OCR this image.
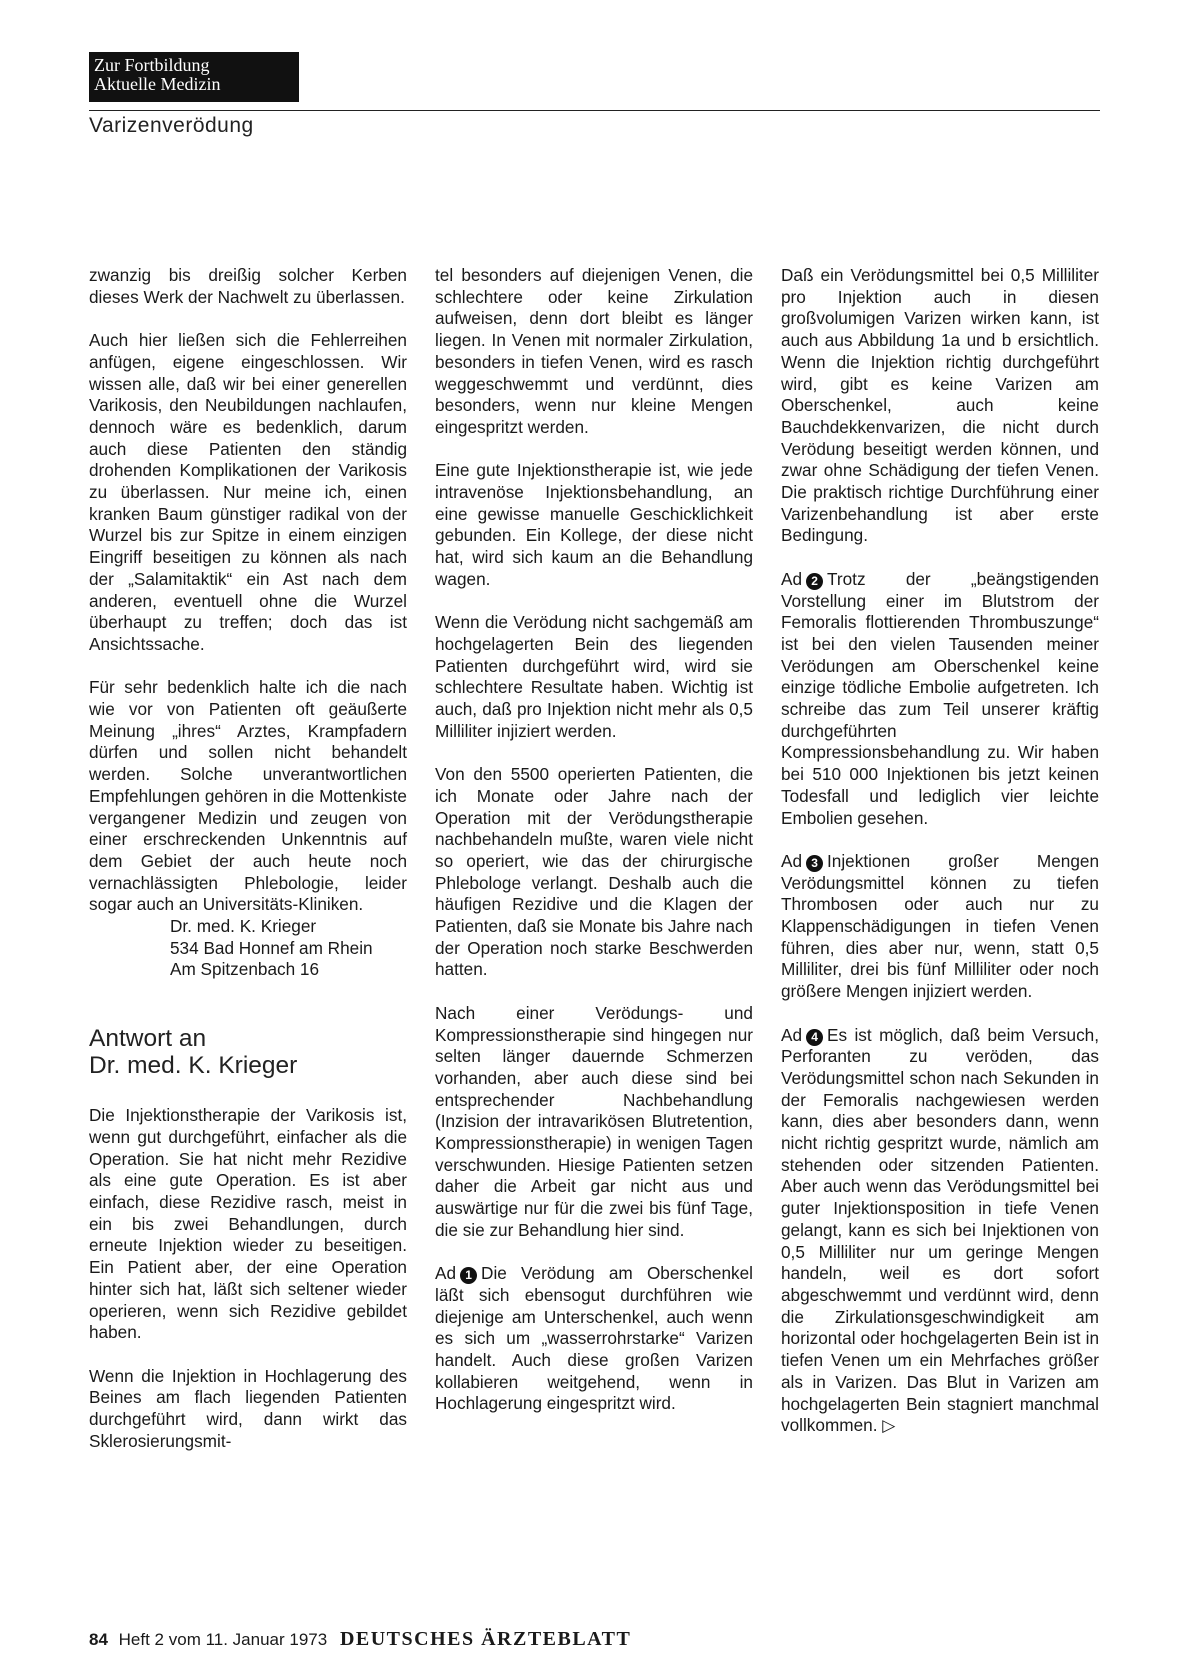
Zur Fortbildung
Aktuelle Medizin
Varizenverödung

zwanzig bis dreißig solcher Kerben dieses Werk der Nachwelt zu überlassen.

Auch hier ließen sich die Fehlerreihen anfügen, eigene eingeschlossen. Wir wissen alle, daß wir bei einer generellen Varikosis, den Neubildungen nachlaufen, dennoch wäre es bedenklich, darum auch diese Patienten den ständig drohenden Komplikationen der Varikosis zu überlassen. Nur meine ich, einen kranken Baum günstiger radikal von der Wurzel bis zur Spitze in einem einzigen Eingriff beseitigen zu können als nach der „Salamitaktik“ ein Ast nach dem anderen, eventuell ohne die Wurzel überhaupt zu treffen; doch das ist Ansichtssache.

Für sehr bedenklich halte ich die nach wie vor von Patienten oft geäußerte Meinung „ihres“ Arztes, Krampfadern dürfen und sollen nicht behandelt werden. Solche unverantwortlichen Empfehlungen gehören in die Mottenkiste vergangener Medizin und zeugen von einer erschreckenden Unkenntnis auf dem Gebiet der auch heute noch vernachlässigten Phlebologie, leider sogar auch an Universitäts-Kliniken.

Dr. med. K. Krieger
534 Bad Honnef am Rhein
Am Spitzenbach 16
Antwort an
Dr. med. K. Krieger

Die Injektionstherapie der Varikosis ist, wenn gut durchgeführt, einfacher als die Operation. Sie hat nicht mehr Rezidive als eine gute Operation. Es ist aber einfach, diese Rezidive rasch, meist in ein bis zwei Behandlungen, durch erneute Injektion wieder zu beseitigen. Ein Patient aber, der eine Operation hinter sich hat, läßt sich seltener wieder operieren, wenn sich Rezidive gebildet haben.

Wenn die Injektion in Hochlagerung des Beines am flach liegenden Patienten durchgeführt wird, dann wirkt das Sklerosierungsmit-

tel besonders auf diejenigen Venen, die schlechtere oder keine Zirkulation aufweisen, denn dort bleibt es länger liegen. In Venen mit normaler Zirkulation, besonders in tiefen Venen, wird es rasch weggeschwemmt und verdünnt, dies besonders, wenn nur kleine Mengen eingespritzt werden.

Eine gute Injektionstherapie ist, wie jede intravenöse Injektionsbehandlung, an eine gewisse manuelle Geschicklichkeit gebunden. Ein Kollege, der diese nicht hat, wird sich kaum an die Behandlung wagen.

Wenn die Verödung nicht sachgemäß am hochgelagerten Bein des liegenden Patienten durchgeführt wird, wird sie schlechtere Resultate haben. Wichtig ist auch, daß pro Injektion nicht mehr als 0,5 Milliliter injiziert werden.

Von den 5500 operierten Patienten, die ich Monate oder Jahre nach der Operation mit der Verödungstherapie nachbehandeln mußte, waren viele nicht so operiert, wie das der chirurgische Phlebologe verlangt. Deshalb auch die häufigen Rezidive und die Klagen der Patienten, daß sie Monate bis Jahre nach der Operation noch starke Beschwerden hatten.

Nach einer Verödungs- und Kompressionstherapie sind hingegen nur selten länger dauernde Schmerzen vorhanden, aber auch diese sind bei entsprechender Nachbehandlung (Inzision der intravarikösen Blutretention, Kompressionstherapie) in wenigen Tagen verschwunden. Hiesige Patienten setzen daher die Arbeit gar nicht aus und auswärtige nur für die zwei bis fünf Tage, die sie zur Behandlung hier sind.

Ad 1 Die Verödung am Oberschenkel läßt sich ebensogut durchführen wie diejenige am Unterschenkel, auch wenn es sich um „wasserrohrstarke“ Varizen handelt. Auch diese großen Varizen kollabieren weitgehend, wenn in Hochlagerung eingespritzt wird.

Daß ein Verödungsmittel bei 0,5 Milliliter pro Injektion auch in diesen großvolumigen Varizen wirken kann, ist auch aus Abbildung 1a und b ersichtlich. Wenn die Injektion richtig durchgeführt wird, gibt es keine Varizen am Oberschenkel, auch keine Bauchdekkenvarizen, die nicht durch Verödung beseitigt werden können, und zwar ohne Schädigung der tiefen Venen. Die praktisch richtige Durchführung einer Varizenbehandlung ist aber erste Bedingung.

Ad 2 Trotz der „beängstigenden Vorstellung einer im Blutstrom der Femoralis flottierenden Thrombuszunge“ ist bei den vielen Tausenden meiner Verödungen am Oberschenkel keine einzige tödliche Embolie aufgetreten. Ich schreibe das zum Teil unserer kräftig durchgeführten Kompressionsbehandlung zu. Wir haben bei 510 000 Injektionen bis jetzt keinen Todesfall und lediglich vier leichte Embolien gesehen.

Ad 3 Injektionen großer Mengen Verödungsmittel können zu tiefen Thrombosen oder auch nur zu Klappenschädigungen in tiefen Venen führen, dies aber nur, wenn, statt 0,5 Milliliter, drei bis fünf Milliliter oder noch größere Mengen injiziert werden.

Ad 4 Es ist möglich, daß beim Versuch, Perforanten zu veröden, das Verödungsmittel schon nach Sekunden in der Femoralis nachgewiesen werden kann, dies aber besonders dann, wenn nicht richtig gespritzt wurde, nämlich am stehenden oder sitzenden Patienten. Aber auch wenn das Verödungsmittel bei guter Injektionsposition in tiefe Venen gelangt, kann es sich bei Injektionen von 0,5 Milliliter nur um geringe Mengen handeln, weil es dort sofort abgeschwemmt und verdünnt wird, denn die Zirkulationsgeschwindigkeit am horizontal oder hochgelagerten Bein ist in tiefen Venen um ein Mehrfaches größer als in Varizen. Das Blut in Varizen am hochgelagerten Bein stagniert manchmal vollkommen. ▷

84 Heft 2 vom 11. Januar 1973 DEUTSCHES ÄRZTEBLATT
